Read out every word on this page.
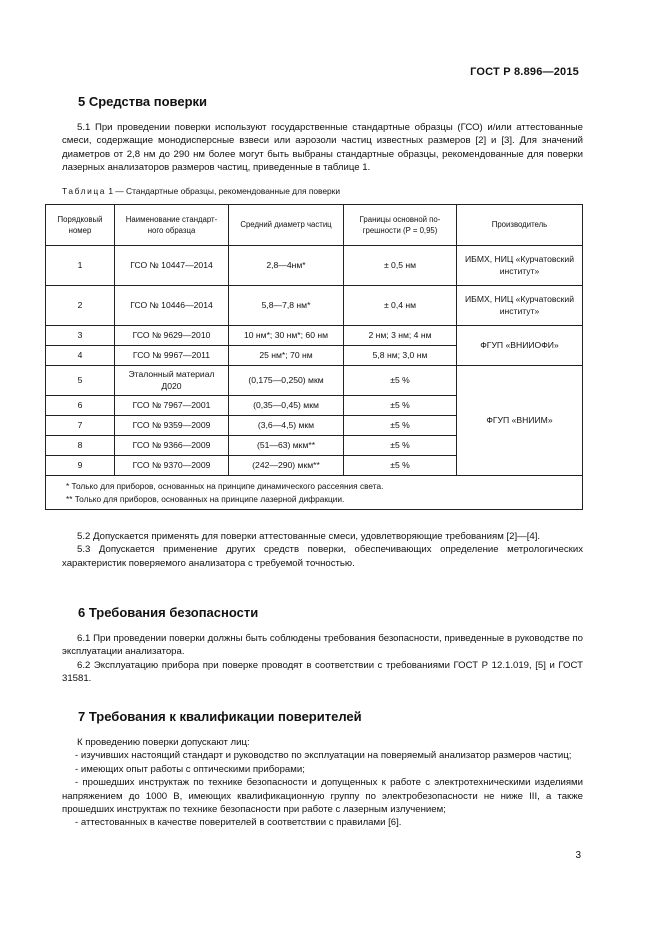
ГОСТ Р 8.896—2015
5 Средства поверки

5.1 При проведении поверки используют государственные стандартные образцы (ГСО) и/или аттестованные смеси, содержащие монодисперсные взвеси или аэрозоли частиц известных размеров [2] и [3]. Для значений диаметров от 2,8 нм до 290 нм более могут быть выбраны стандартные образцы, рекомендованные для поверки лазерных анализаторов размеров частиц, приведенные в таблице 1.

Таблица 1 — Стандартные образцы, рекомендованные для поверки
Порядковый номер	Наименование стандарт-ного образца	Средний диаметр частиц	Границы основной по-грешности (P = 0,95)	Производитель
1	ГСО № 10447—2014	2,8—4нм*	± 0,5 нм	ИБМХ, НИЦ «Курчатовский институт»
2	ГСО № 10446—2014	5,8—7,8 нм*	± 0,4 нм	ИБМХ, НИЦ «Курчатовский институт»
3	ГСО № 9629—2010	10 нм*; 30 нм*; 60 нм	2 нм; 3 нм; 4 нм	ФГУП «ВНИИОФИ»
4	ГСО № 9967—2011	25 нм*; 70 нм	5,8 нм; 3,0 нм	
5	Эталонный материал Д020	(0,175—0,250) мкм	±5 %	ФГУП «ВНИИМ»
6	ГСО № 7967—2001	(0,35—0,45) мкм	±5 %	
7	ГСО № 9359—2009	(3,6—4,5) мкм	±5 %	
8	ГСО № 9366—2009	(51—63) мкм**	±5 %	
9	ГСО № 9370—2009	(242—290) мкм**	±5 %	

* Только для приборов, основанных на принципе динамического рассеяния света.
** Только для приборов, основанных на принципе лазерной дифракции.				

5.2 Допускается применять для поверки аттестованные смеси, удовлетворяющие требованиям [2]—[4].

5.3 Допускается применение других средств поверки, обеспечивающих определение метрологических характеристик поверяемого анализатора с требуемой точностью.

6 Требования безопасности

6.1 При проведении поверки должны быть соблюдены требования безопасности, приведенные в руководстве по эксплуатации анализатора.

6.2 Эксплуатацию прибора при поверке проводят в соответствии с требованиями ГОСТ Р 12.1.019, [5] и ГОСТ 31581.

7 Требования к квалификации поверителей

К проведению поверки допускают лиц:

- изучивших настоящий стандарт и руководство по эксплуатации на поверяемый анализатор размеров частиц;

- имеющих опыт работы с оптическими приборами;

- прошедших инструктаж по технике безопасности и допущенных к работе с электротехническими изделиями напряжением до 1000 В, имеющих квалификационную группу по электробезопасности не ниже III, а также прошедших инструктаж по технике безопасности при работе с лазерным излучением;

- аттестованных в качестве поверителей в соответствии с правилами [6].

3
